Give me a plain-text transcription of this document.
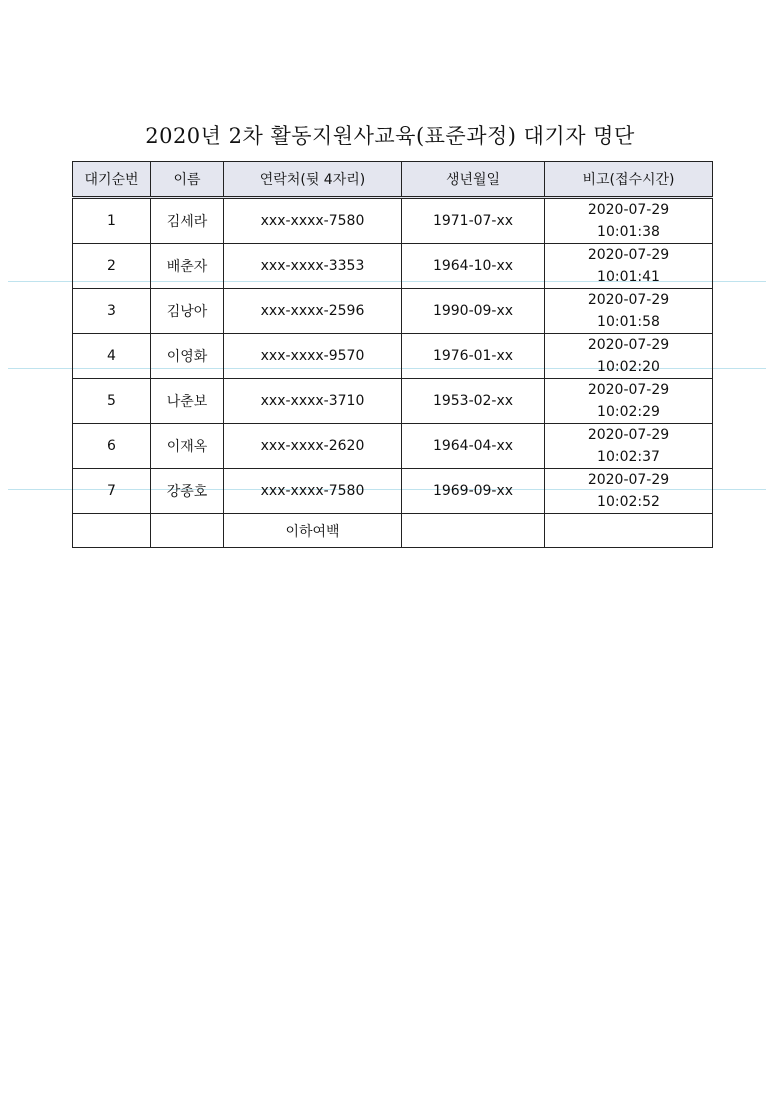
2020년 2차 활동지원사교육(표준과정) 대기자 명단
대기순번	이름	연락처(뒷 4자리)	생년월일	비고(접수시간)
1	김세라	xxx-xxxx-7580	1971-07-xx	2020-07-29
10:01:38

2	배춘자	xxx-xxxx-3353	1964-10-xx	2020-07-29
10:01:41

3	김낭아	xxx-xxxx-2596	1990-09-xx	2020-07-29
10:01:58

4	이영화	xxx-xxxx-9570	1976-01-xx	2020-07-29
10:02:20

5	나춘보	xxx-xxxx-3710	1953-02-xx	2020-07-29
10:02:29

6	이재옥	xxx-xxxx-2620	1964-04-xx	2020-07-29
10:02:37

7	강종호	xxx-xxxx-7580	1969-09-xx	2020-07-29
10:02:52

		이하여백		
